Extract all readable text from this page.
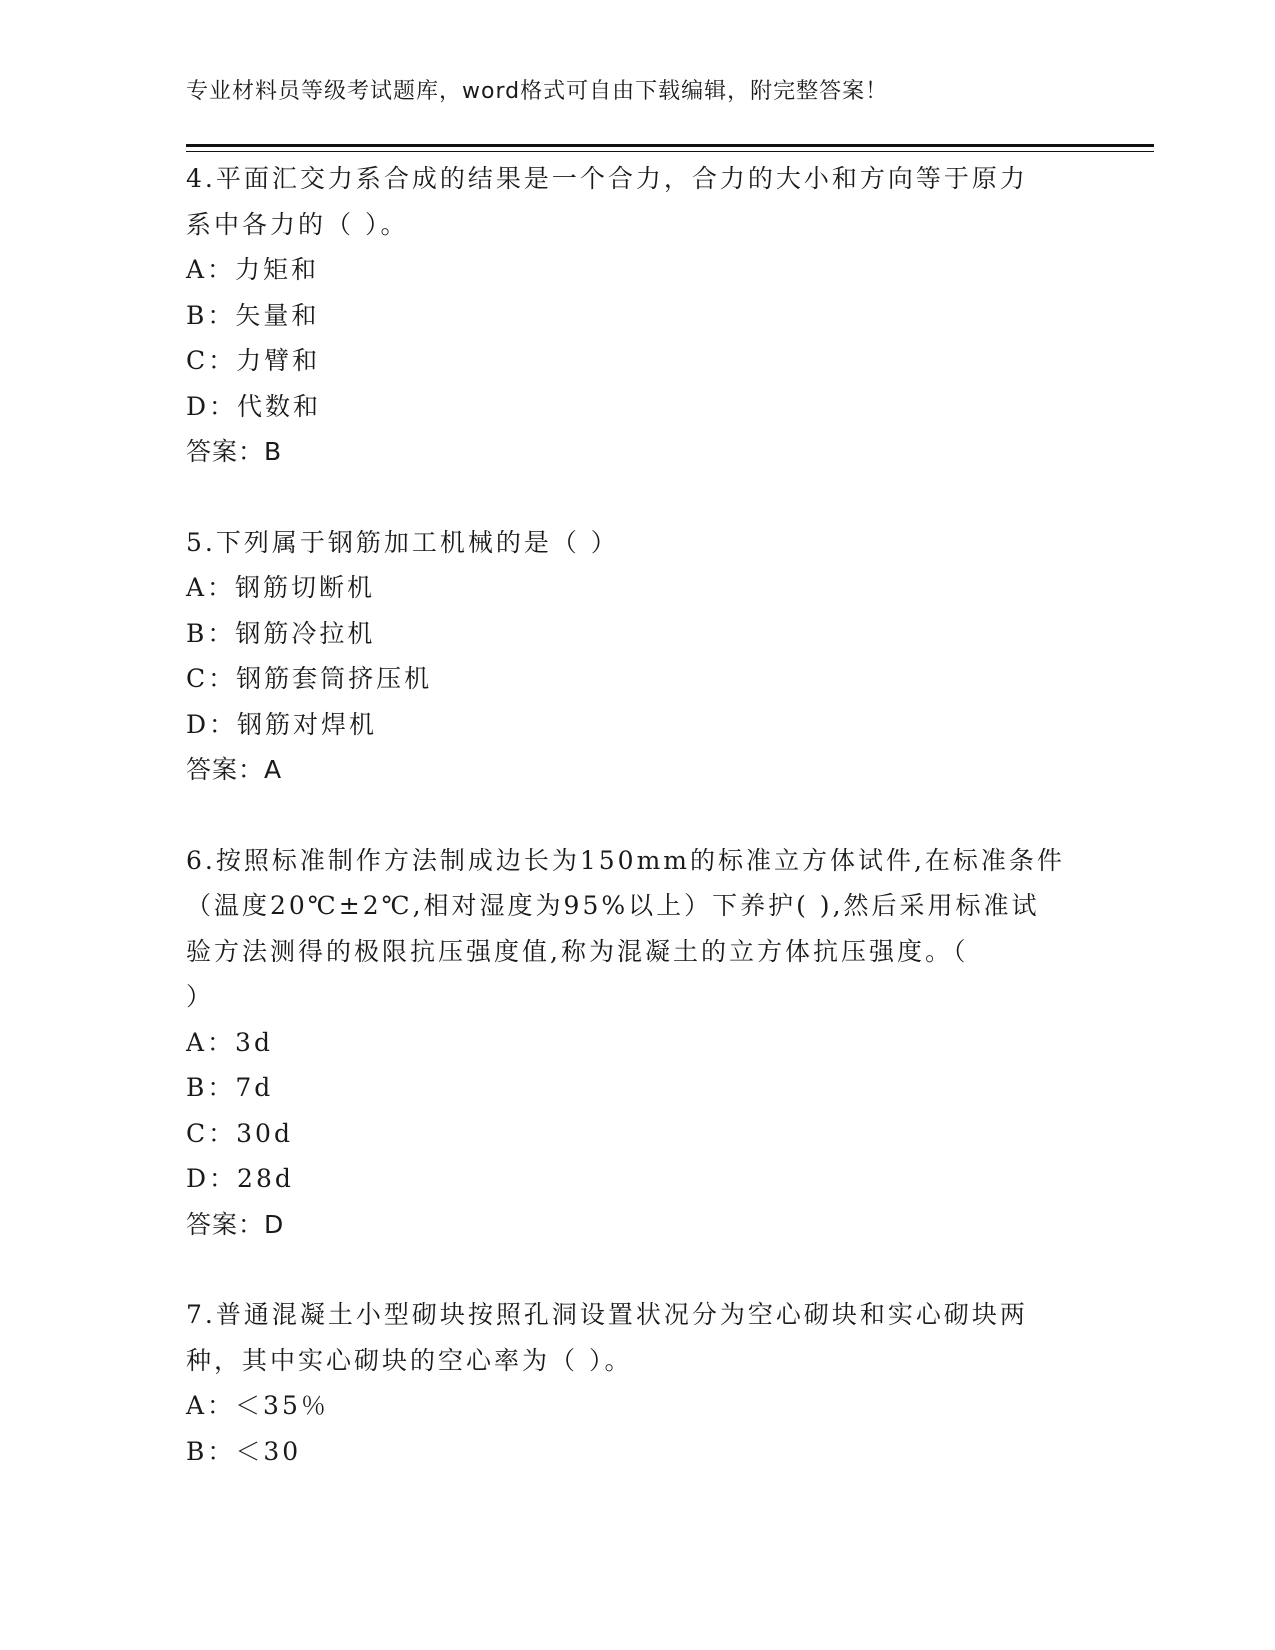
专业材料员等级考试题库，word格式可自由下载编辑，附完整答案！
4.平面汇交力系合成的结果是一个合力，合力的大小和方向等于原力
系中各力的（ ）。
A：力矩和
B：矢量和
C：力臂和
D：代数和
答案：B
5.下列属于钢筋加工机械的是（ ）
A：钢筋切断机
B：钢筋冷拉机
C：钢筋套筒挤压机
D：钢筋对焊机
答案：A
6.按照标准制作方法制成边长为150mm的标准立方体试件,在标准条件
（温度20℃±2℃,相对湿度为95%以上）下养护( ),然后采用标准试
验方法测得的极限抗压强度值,称为混凝土的立方体抗压强度。（
）
A：3d
B：7d
C：30d
D：28d
答案：D
7.普通混凝土小型砌块按照孔洞设置状况分为空心砌块和实心砌块两
种，其中实心砌块的空心率为（ ）。
A：＜35％
B：＜30
